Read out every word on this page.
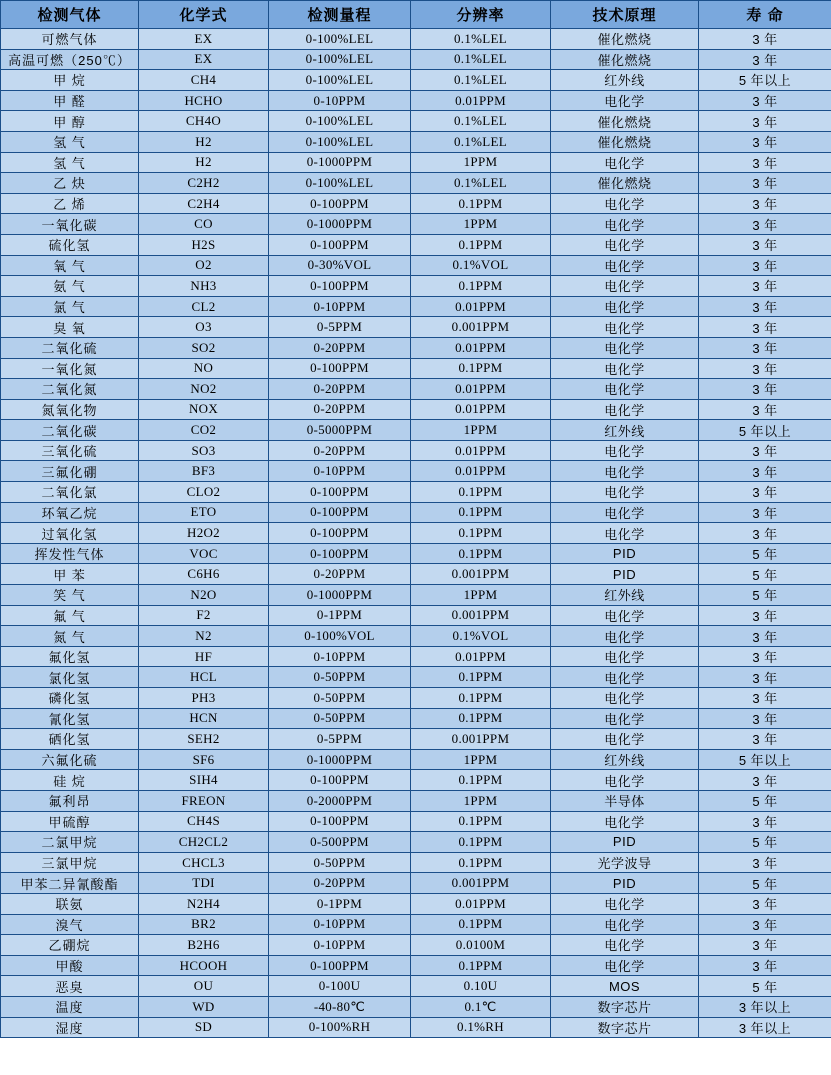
检测气体	化学式	检测量程	分辨率	技术原理	寿 命
可燃气体	EX	0-100%LEL	0.1%LEL	催化燃烧	3 年
高温可燃（250℃）	EX	0-100%LEL	0.1%LEL	催化燃烧	3 年
甲 烷	CH4	0-100%LEL	0.1%LEL	红外线	5 年以上
甲 醛	HCHO	0-10PPM	0.01PPM	电化学	3 年
甲 醇	CH4O	0-100%LEL	0.1%LEL	催化燃烧	3 年
氢 气	H2	0-100%LEL	0.1%LEL	催化燃烧	3 年
氢 气	H2	0-1000PPM	1PPM	电化学	3 年
乙 炔	C2H2	0-100%LEL	0.1%LEL	催化燃烧	3 年
乙 烯	C2H4	0-100PPM	0.1PPM	电化学	3 年
一氧化碳	CO	0-1000PPM	1PPM	电化学	3 年
硫化氢	H2S	0-100PPM	0.1PPM	电化学	3 年
氧 气	O2	0-30%VOL	0.1%VOL	电化学	3 年
氨 气	NH3	0-100PPM	0.1PPM	电化学	3 年
氯 气	CL2	0-10PPM	0.01PPM	电化学	3 年
臭 氧	O3	0-5PPM	0.001PPM	电化学	3 年
二氧化硫	SO2	0-20PPM	0.01PPM	电化学	3 年
一氧化氮	NO	0-100PPM	0.1PPM	电化学	3 年
二氧化氮	NO2	0-20PPM	0.01PPM	电化学	3 年
氮氧化物	NOX	0-20PPM	0.01PPM	电化学	3 年
二氧化碳	CO2	0-5000PPM	1PPM	红外线	5 年以上
三氧化硫	SO3	0-20PPM	0.01PPM	电化学	3 年
三氟化硼	BF3	0-10PPM	0.01PPM	电化学	3 年
二氧化氯	CLO2	0-100PPM	0.1PPM	电化学	3 年
环氧乙烷	ETO	0-100PPM	0.1PPM	电化学	3 年
过氧化氢	H2O2	0-100PPM	0.1PPM	电化学	3 年
挥发性气体	VOC	0-100PPM	0.1PPM	PID	5 年
甲 苯	C6H6	0-20PPM	0.001PPM	PID	5 年
笑 气	N2O	0-1000PPM	1PPM	红外线	5 年
氟 气	F2	0-1PPM	0.001PPM	电化学	3 年
氮 气	N2	0-100%VOL	0.1%VOL	电化学	3 年
氟化氢	HF	0-10PPM	0.01PPM	电化学	3 年
氯化氢	HCL	0-50PPM	0.1PPM	电化学	3 年
磷化氢	PH3	0-50PPM	0.1PPM	电化学	3 年
氰化氢	HCN	0-50PPM	0.1PPM	电化学	3 年
硒化氢	SEH2	0-5PPM	0.001PPM	电化学	3 年
六氟化硫	SF6	0-1000PPM	1PPM	红外线	5 年以上
硅 烷	SIH4	0-100PPM	0.1PPM	电化学	3 年
氟利昂	FREON	0-2000PPM	1PPM	半导体	5 年
甲硫醇	CH4S	0-100PPM	0.1PPM	电化学	3 年
二氯甲烷	CH2CL2	0-500PPM	0.1PPM	PID	5 年
三氯甲烷	CHCL3	0-50PPM	0.1PPM	光学波导	3 年
甲苯二异氰酸酯	TDI	0-20PPM	0.001PPM	PID	5 年
联氨	N2H4	0-1PPM	0.01PPM	电化学	3 年
溴气	BR2	0-10PPM	0.1PPM	电化学	3 年
乙硼烷	B2H6	0-10PPM	0.0100M	电化学	3 年
甲酸	HCOOH	0-100PPM	0.1PPM	电化学	3 年
恶臭	OU	0-100U	0.10U	MOS	5 年
温度	WD	-40-80℃	0.1℃	数字芯片	3 年以上
湿度	SD	0-100%RH	0.1%RH	数字芯片	3 年以上
